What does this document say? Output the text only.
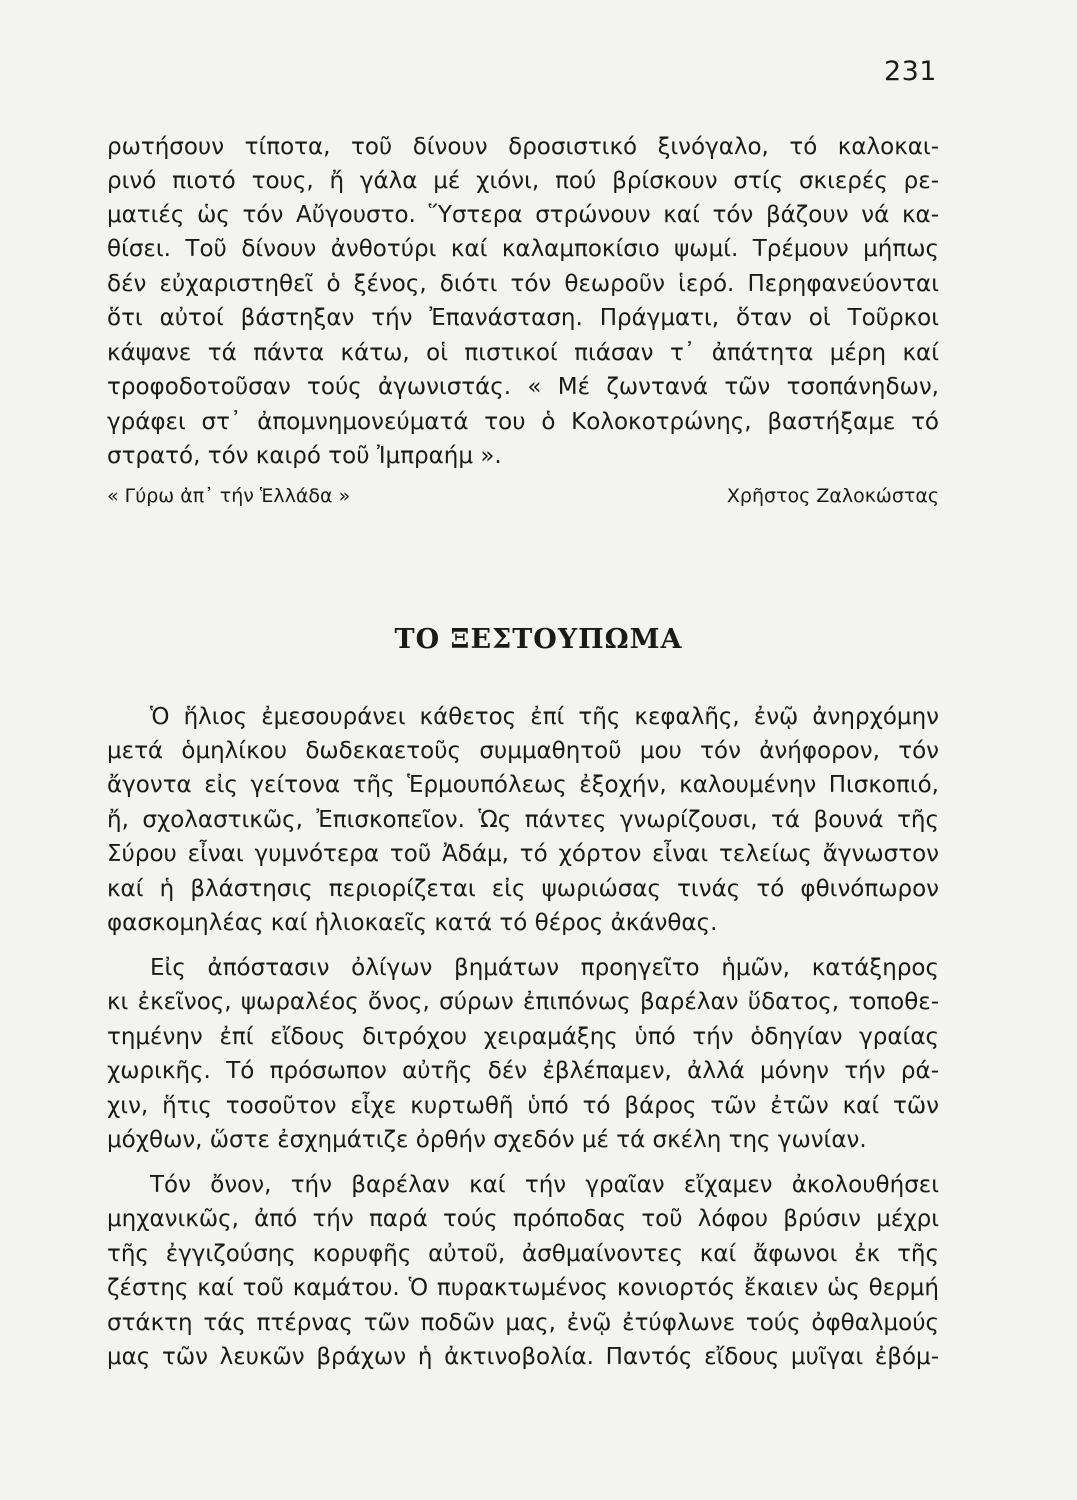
231
ρωτήσουν τίποτα, τοῦ δίνουν δροσιστικό ξινόγαλο, τό καλοκαι-
ρινό πιοτό τους, ἤ γάλα μέ χιόνι, πού βρίσκουν στίς σκιερές ρε-
ματιές ὡς τόν Αὔγουστο. Ὕστερα στρώνουν καί τόν βάζουν νά κα-
θίσει. Τοῦ δίνουν ἀνθοτύρι καί καλαμποκίσιο ψωμί. Τρέμουν μήπως
δέν εὐχαριστηθεῖ ὁ ξένος, διότι τόν θεωροῦν ἱερό. Περηφανεύονται
ὅτι αὐτοί βάστηξαν τήν Ἐπανάσταση. Πράγματι, ὅταν οἱ Τοῦρκοι
κάψανε τά πάντα κάτω, οἱ πιστικοί πιάσαν τ᾽ ἀπάτητα μέρη καί
τροφοδοτοῦσαν τούς ἀγωνιστάς. « Μέ ζωντανά τῶν τσοπάνηδων,
γράφει στ᾽ ἀπομνημονεύματά του ὁ Κολοκοτρώνης, βαστήξαμε τό
στρατό, τόν καιρό τοῦ Ἰμπραήμ ».
« Γύρω ἀπ᾽ τήν Ἑλλάδα »	Χρῆστος Ζαλοκώστας
ΤΟ ΞΕΣΤΟΥΠΩΜΑ
Ὁ ἥλιος ἐμεσουράνει κάθετος ἐπί τῆς κεφαλῆς, ἐνῷ ἀνηρχόμην
μετά ὁμηλίκου δωδεκαετοῦς συμμαθητοῦ μου τόν ἀνήφορον, τόν
ἄγοντα εἰς γείτονα τῆς Ἑρμουπόλεως ἐξοχήν, καλουμένην Πισκοπιό,
ἤ, σχολαστικῶς, Ἐπισκοπεῖον. Ὡς πάντες γνωρίζουσι, τά βουνά τῆς
Σύρου εἶναι γυμνότερα τοῦ Ἀδάμ, τό χόρτον εἶναι τελείως ἄγνωστον
καί ἡ βλάστησις περιορίζεται εἰς ψωριώσας τινάς τό φθινόπωρον
φασκομηλέας καί ἡλιοκαεῖς κατά τό θέρος ἀκάνθας.
Εἰς ἀπόστασιν ὀλίγων βημάτων προηγεῖτο ἡμῶν, κατάξηρος
κι ἐκεῖνος, ψωραλέος ὄνος, σύρων ἐπιπόνως βαρέλαν ὕδατος, τοποθε-
τημένην ἐπί εἴδους διτρόχου χειραμάξης ὑπό τήν ὁδηγίαν γραίας
χωρικῆς. Τό πρόσωπον αὐτῆς δέν ἐβλέπαμεν, ἀλλά μόνην τήν ρά-
χιν, ἥτις τοσοῦτον εἶχε κυρτωθῆ ὑπό τό βάρος τῶν ἐτῶν καί τῶν
μόχθων, ὥστε ἐσχημάτιζε ὀρθήν σχεδόν μέ τά σκέλη της γωνίαν.
Τόν ὄνον, τήν βαρέλαν καί τήν γραῖαν εἴχαμεν ἀκολουθήσει
μηχανικῶς, ἀπό τήν παρά τούς πρόποδας τοῦ λόφου βρύσιν μέχρι
τῆς ἐγγιζούσης κορυφῆς αὐτοῦ, ἀσθμαίνοντες καί ἄφωνοι ἐκ τῆς
ζέστης καί τοῦ καμάτου. Ὁ πυρακτωμένος κονιορτός ἔκαιεν ὡς θερμή
στάκτη τάς πτέρνας τῶν ποδῶν μας, ἐνῷ ἐτύφλωνε τούς ὀφθαλμούς
μας τῶν λευκῶν βράχων ἡ ἀκτινοβολία. Παντός εἴδους μυῖγαι ἐβόμ-
